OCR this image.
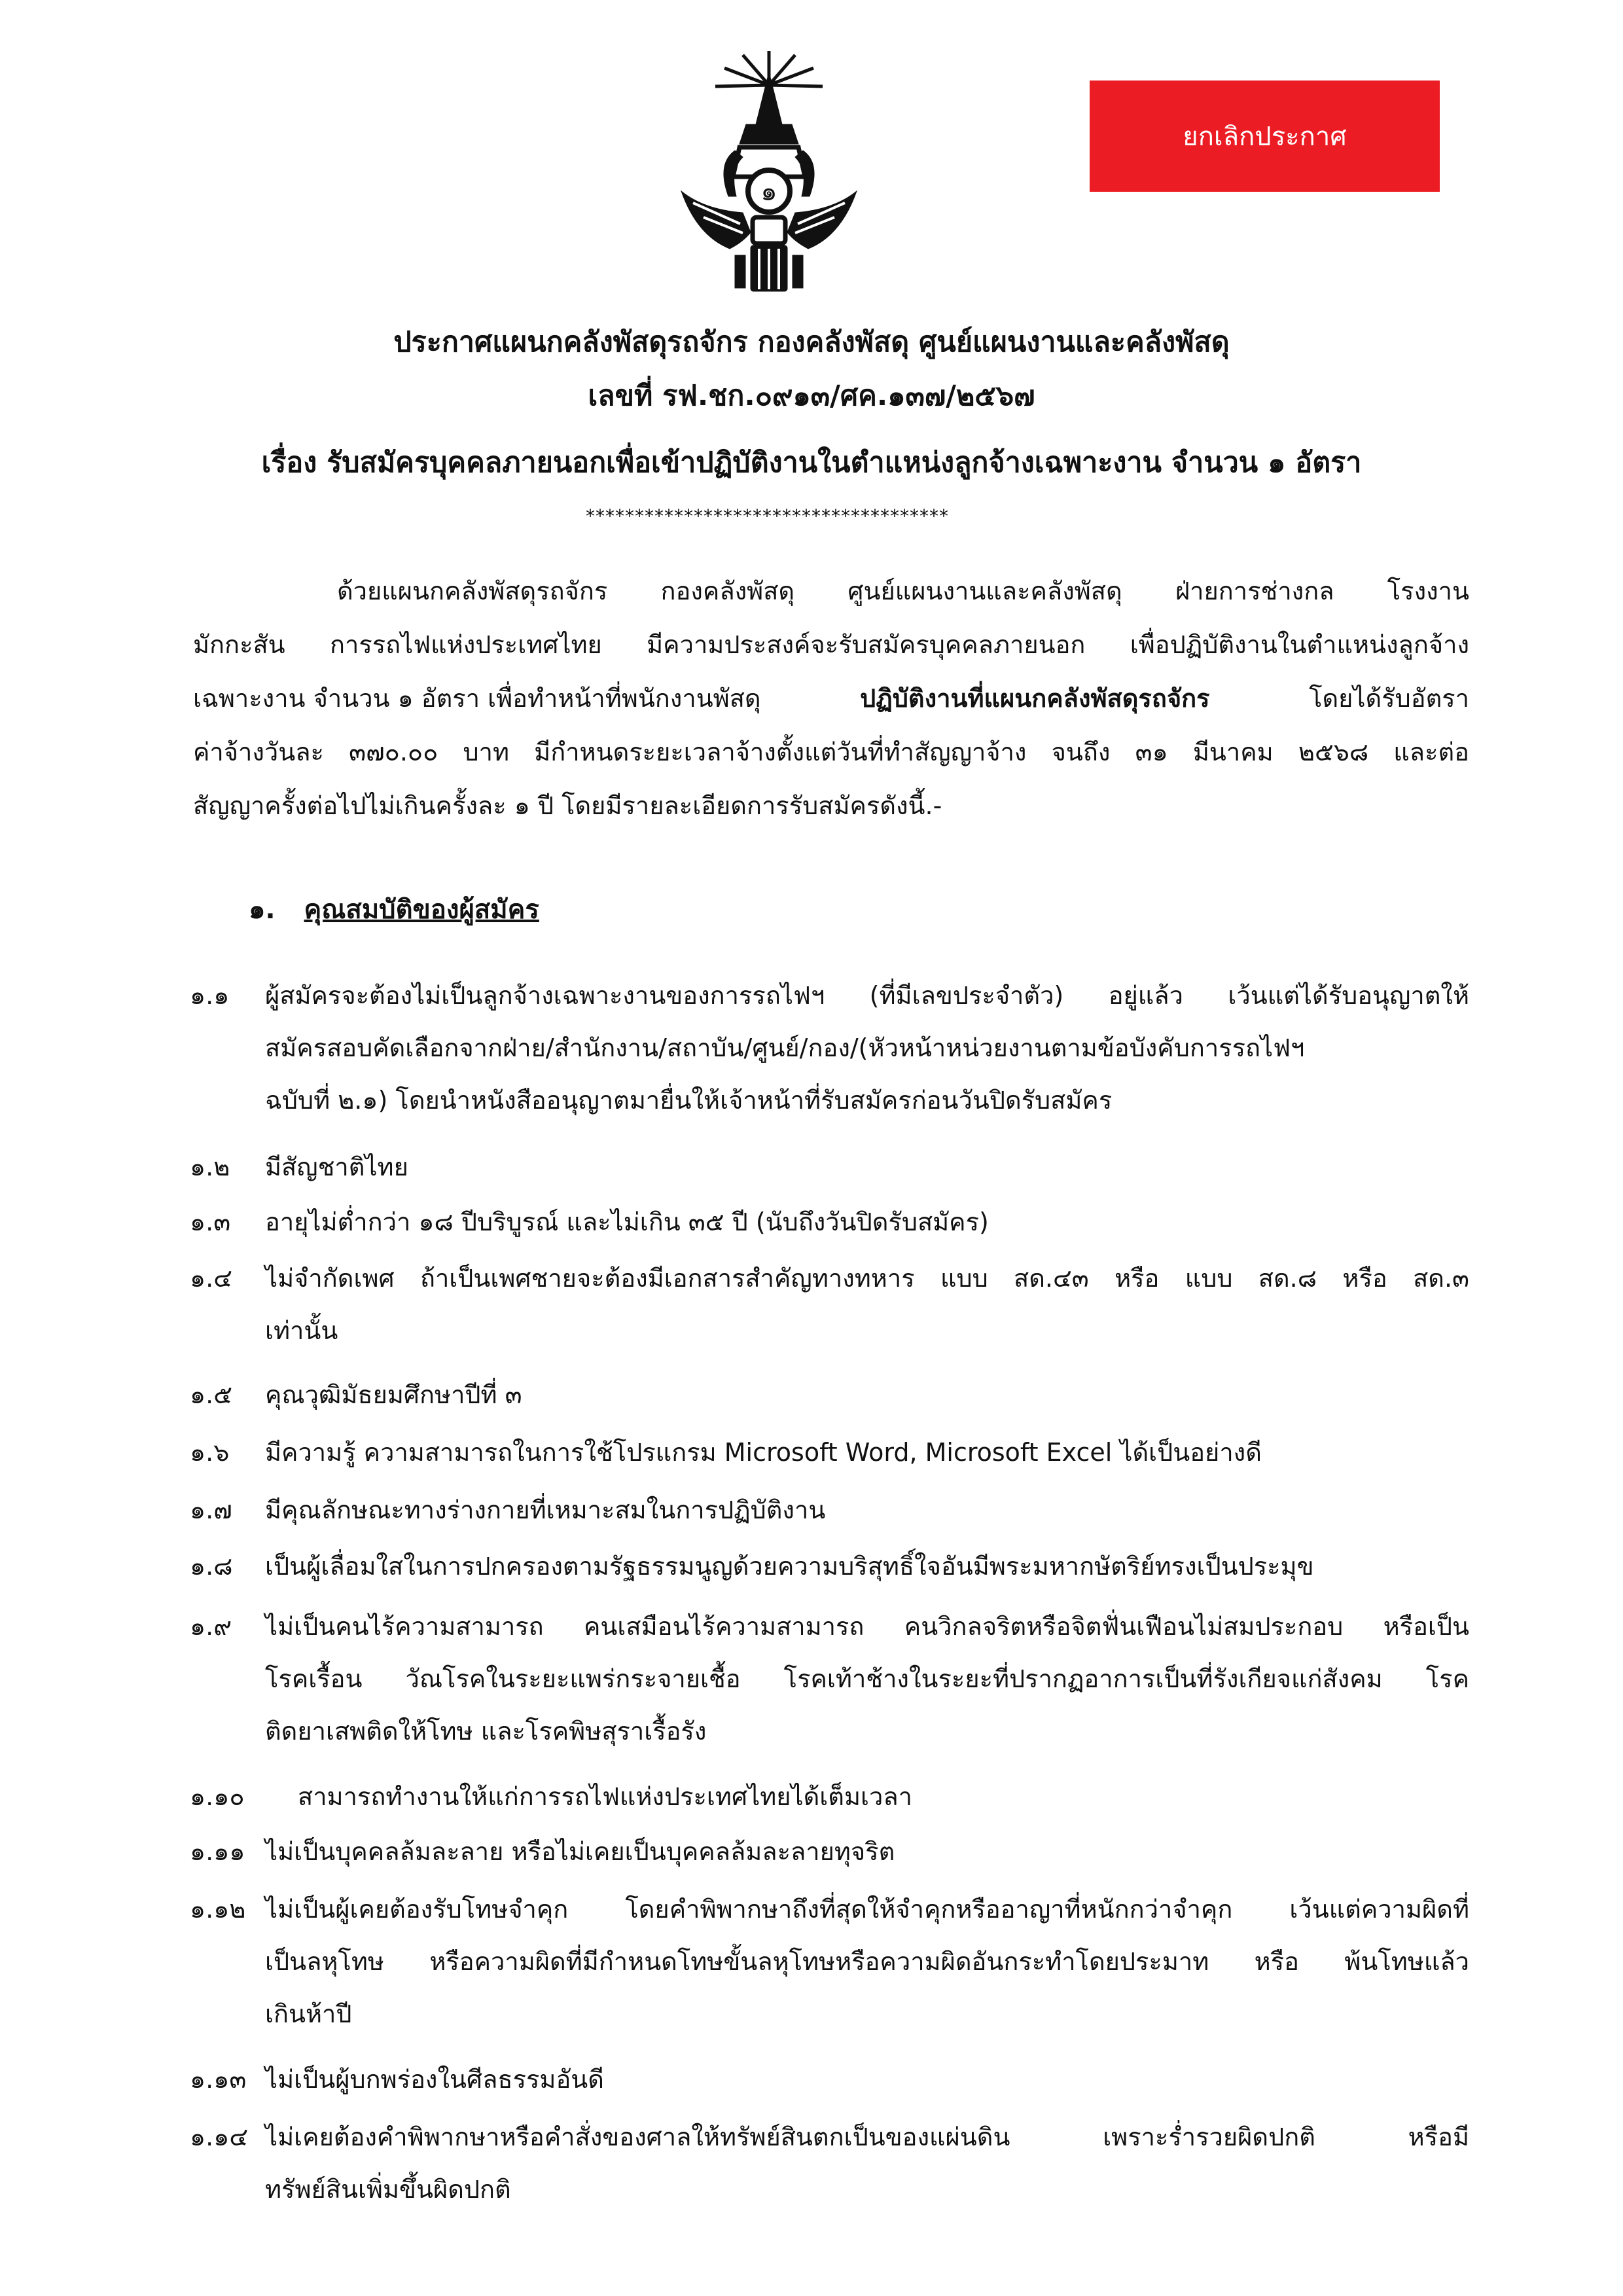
๑
ยกเลิกประกาศ
ประกาศแผนกคลังพัสดุรถจักร กองคลังพัสดุ ศูนย์แผนงานและคลังพัสดุ
เลขที่ รฟ.ชก.๐๙๑๓/ศค.๑๓๗/๒๕๖๗
เรื่อง รับสมัครบุคคลภายนอกเพื่อเข้าปฏิบัติงานในตำแหน่งลูกจ้างเฉพาะงาน จำนวน ๑ อัตรา
*************************************
ด้วยแผนกคลังพัสดุรถจักร กองคลังพัสดุ ศูนย์แผนงานและคลังพัสดุ ฝ่ายการช่างกล โรงงาน
มักกะสัน การรถไฟแห่งประเทศไทย มีความประสงค์จะรับสมัครบุคคลภายนอก เพื่อปฏิบัติงานในตำแหน่งลูกจ้าง
เฉพาะงาน จำนวน ๑ อัตรา เพื่อทำหน้าที่พนักงานพัสดุ	ปฏิบัติงานที่แผนกคลังพัสดุรถจักร	โดยได้รับอัตรา
ค่าจ้างวันละ ๓๗๐.๐๐ บาท มีกำหนดระยะเวลาจ้างตั้งแต่วันที่ทำสัญญาจ้าง จนถึง ๓๑ มีนาคม ๒๕๖๘ และต่อ
สัญญาครั้งต่อไปไม่เกินครั้งละ ๑ ปี โดยมีรายละเอียดการรับสมัครดังนี้.-
๑. คุณสมบัติของผู้สมัคร
๑.๑ ผู้สมัครจะต้องไม่เป็นลูกจ้างเฉพาะงานของการรถไฟฯ (ที่มีเลขประจำตัว) อยู่แล้ว เว้นแต่ได้รับอนุญาตให้
สมัครสอบคัดเลือกจากฝ่าย/สำนักงาน/สถาบัน/ศูนย์/กอง/(หัวหน้าหน่วยงานตามข้อบังคับการรถไฟฯ
ฉบับที่ ๒.๑) โดยนำหนังสืออนุญาตมายื่นให้เจ้าหน้าที่รับสมัครก่อนวันปิดรับสมัคร
๑.๒ มีสัญชาติไทย
๑.๓ อายุไม่ต่ำกว่า ๑๘ ปีบริบูรณ์ และไม่เกิน ๓๕ ปี (นับถึงวันปิดรับสมัคร)
๑.๔ ไม่จำกัดเพศ ถ้าเป็นเพศชายจะต้องมีเอกสารสำคัญทางทหาร แบบ สด.๔๓ หรือ แบบ สด.๘ หรือ สด.๓
เท่านั้น
๑.๕ คุณวุฒิมัธยมศึกษาปีที่ ๓
๑.๖ มีความรู้ ความสามารถในการใช้โปรแกรม Microsoft Word, Microsoft Excel ได้เป็นอย่างดี
๑.๗ มีคุณลักษณะทางร่างกายที่เหมาะสมในการปฏิบัติงาน
๑.๘ เป็นผู้เลื่อมใสในการปกครองตามรัฐธรรมนูญด้วยความบริสุทธิ์ใจอันมีพระมหากษัตริย์ทรงเป็นประมุข
๑.๙ ไม่เป็นคนไร้ความสามารถ คนเสมือนไร้ความสามารถ คนวิกลจริตหรือจิตฟั่นเฟือนไม่สมประกอบ หรือเป็น
โรคเรื้อน วัณโรคในระยะแพร่กระจายเชื้อ โรคเท้าช้างในระยะที่ปรากฏอาการเป็นที่รังเกียจแก่สังคม โรค
ติดยาเสพติดให้โทษ และโรคพิษสุราเรื้อรัง
๑.๑๐ สามารถทำงานให้แก่การรถไฟแห่งประเทศไทยได้เต็มเวลา
๑.๑๑ ไม่เป็นบุคคลล้มละลาย หรือไม่เคยเป็นบุคคลล้มละลายทุจริต
๑.๑๒ ไม่เป็นผู้เคยต้องรับโทษจำคุก โดยคำพิพากษาถึงที่สุดให้จำคุกหรืออาญาที่หนักกว่าจำคุก เว้นแต่ความผิดที่
เป็นลหุโทษ หรือความผิดที่มีกำหนดโทษขั้นลหุโทษหรือความผิดอันกระทำโดยประมาท หรือ พ้นโทษแล้ว
เกินห้าปี
๑.๑๓ ไม่เป็นผู้บกพร่องในศีลธรรมอันดี
๑.๑๔ ไม่เคยต้องคำพิพากษาหรือคำสั่งของศาลให้ทรัพย์สินตกเป็นของแผ่นดิน เพราะร่ำรวยผิดปกติ หรือมี
ทรัพย์สินเพิ่มขึ้นผิดปกติ
